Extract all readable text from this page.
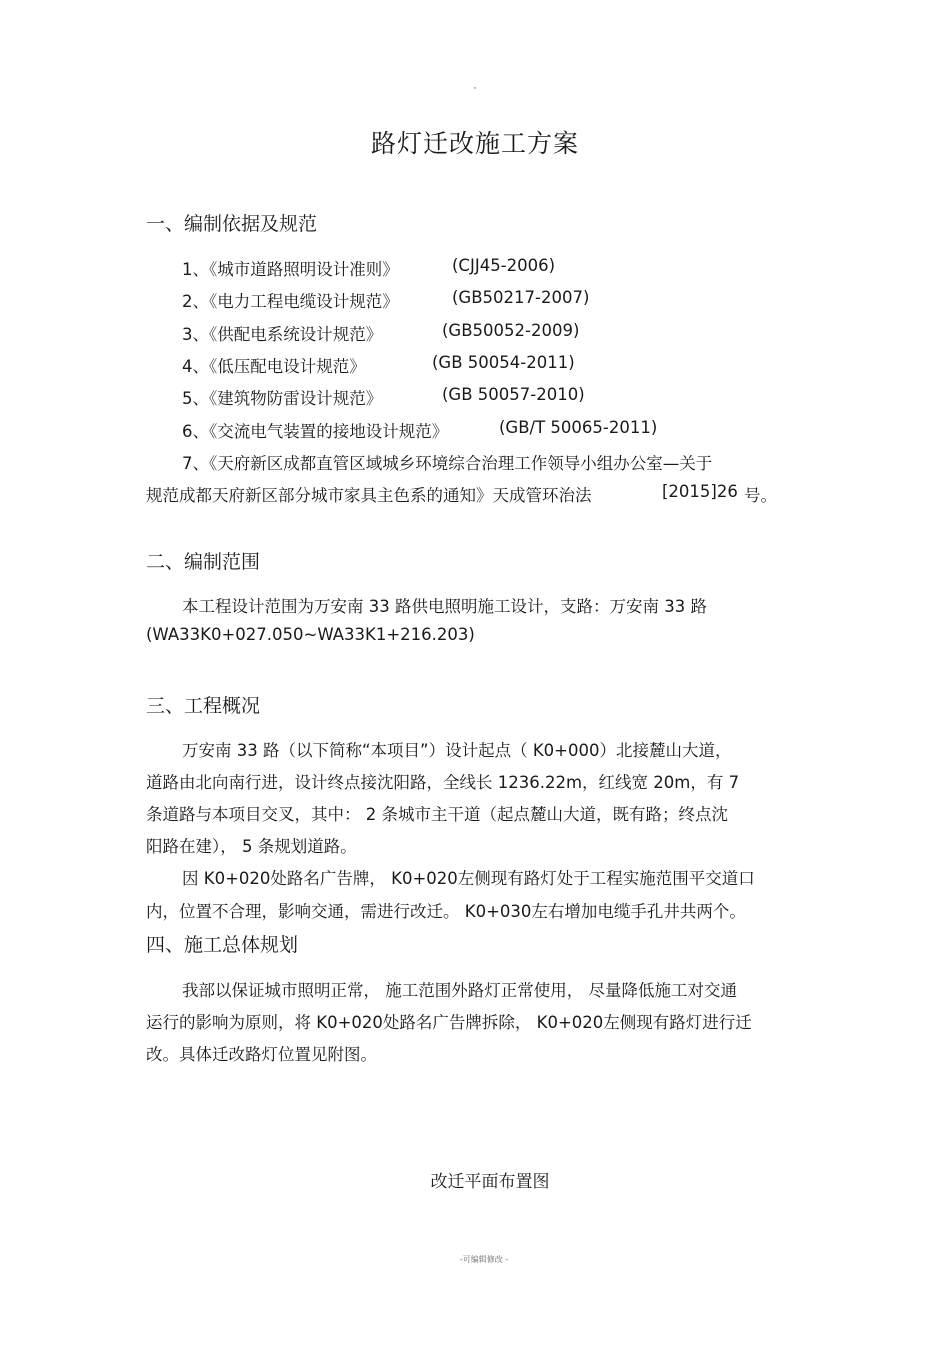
"
路灯迁改施工方案
一、编制依据及规范
1、《城市道路照明设计准则》	(CJJ45-2006)
2、《电力工程电缆设计规范》	(GB50217-2007)
3、《供配电系统设计规范》	(GB50052-2009)
4、《低压配电设计规范》	(GB 50054-2011)
5、《建筑物防雷设计规范》	(GB 50057-2010)
6、《交流电气装置的接地设计规范》	(GB/T 50065-2011)
7、《天府新区成都直管区域城乡环境综合治理工作领导小组办公室—关于
规范成都天府新区部分城市家具主色系的通知》天成管环治法	[2015]26 号。
二、编制范围
本工程设计范围为万安南 33 路供电照明施工设计，支路：万安南 33 路
(WA33K0+027.050~WA33K1+216.203)
三、工程概况
万安南 33 路（以下简称“本项目”）设计起点（ K0+000）北接麓山大道，
道路由北向南行进，设计终点接沈阳路，全线长 1236.22m，红线宽 20m，有 7
条道路与本项目交叉，其中： 2 条城市主干道（起点麓山大道，既有路；终点沈
阳路在建）， 5 条规划道路。
因 K0+020处路名广告牌， K0+020左侧现有路灯处于工程实施范围平交道口
内，位置不合理，影响交通，需进行改迁。 K0+030左右增加电缆手孔井共两个。
四、施工总体规划
我部以保证城市照明正常， 施工范围外路灯正常使用， 尽量降低施工对交通
运行的影响为原则，将 K0+020处路名广告牌拆除， K0+020左侧现有路灯进行迁
改。具体迁改路灯位置见附图。
改迁平面布置图
-可编辑修改 -
